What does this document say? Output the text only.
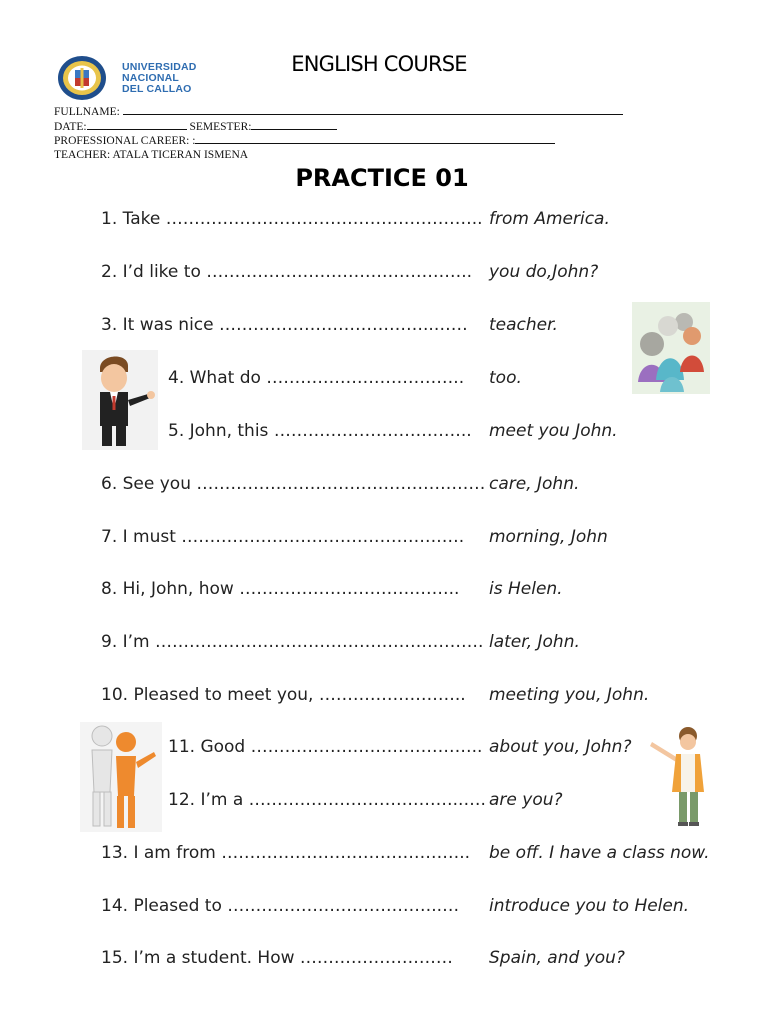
UNIVERSIDAD
NACIONAL
DEL CALLAO
ENGLISH COURSE
FULLNAME:
DATE:	SEMESTER:
PROFESSIONAL CAREER: :
TEACHER: ATALA TICERAN ISMENA
PRACTICE 01
1. Take ……………………………………………….. from America.
2. I’d like to ……………………………………….. you do,John?
3. It was nice ………………………………..…… teacher.
4. What do …………………………….. too.
5. John, this …………………………….. meet you John.
6. See you …………………………………………… care, John.
7. I must ……………………………………….…. morning, John
8. Hi, John, how ………………………….…….. is Helen.
9. I’m …………………………………………………. later, John.
10. Pleased to meet you, …………………….. meeting you, John.
11. Good ………………………………….. about you, John?
12. I’m a ………………………………..…. are you?
13. I am from …………………………………….. be off. I have a class now.
14. Pleased to ………………………………..… introduce you to Helen.
15. I’m a student. How ……………………… Spain, and you?
